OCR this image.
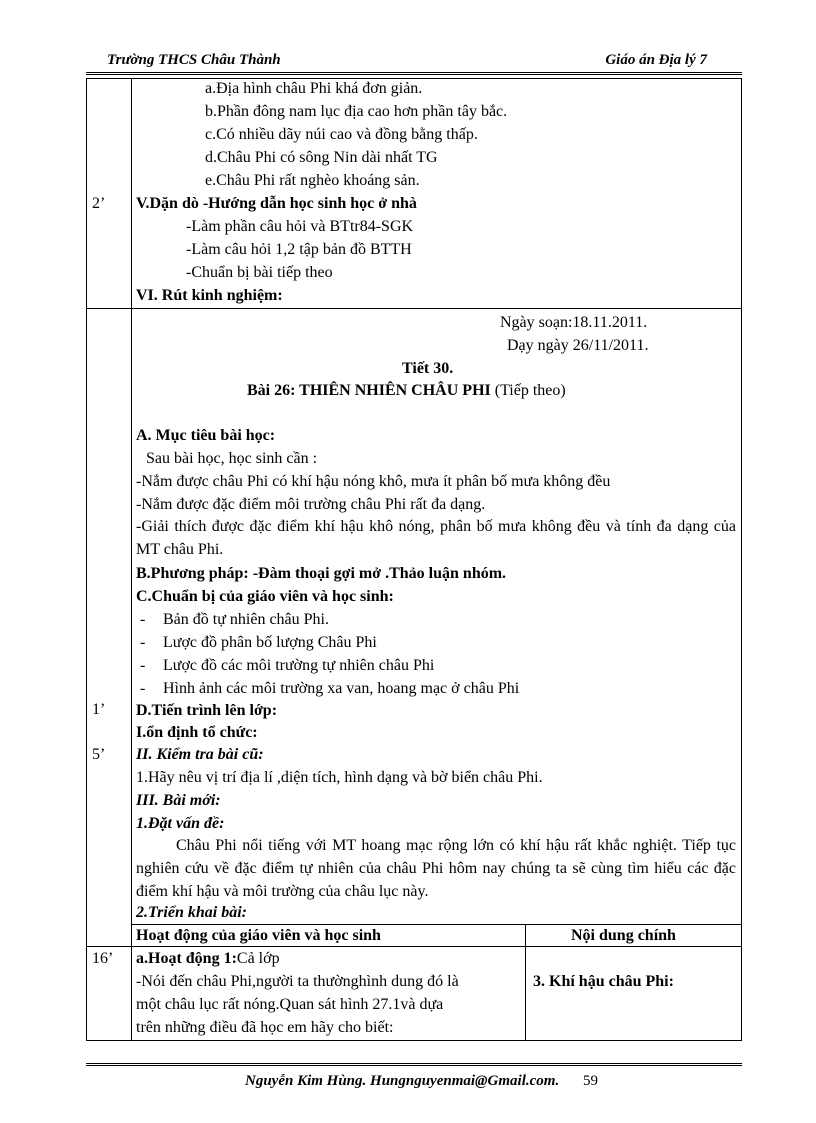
Trường THCS Châu Thành	Giáo án Địa lý 7
a.Địa hình châu Phi khá đơn giản.
b.Phần đông nam lục địa cao hơn phần tây bắc.
c.Có nhiều dãy núi cao và đồng bằng thấp.
d.Châu Phi có sông Nin dài nhất TG
e.Châu Phi rất nghèo khoáng sản.
2’ V.Dặn dò -Hướng dẫn học sinh học ở nhà
-Làm phần câu hỏi và BTtr84-SGK
-Làm câu hỏi 1,2 tập bản đồ BTTH
-Chuẩn bị bài tiếp theo
VI. Rút kinh nghiệm:
Ngày soạn:18.11.2011.
Dạy ngày 26/11/2011.
Tiết 30.
Bài 26: THIÊN NHIÊN CHÂU PHI (Tiếp theo)
A. Mục tiêu bài học:
Sau bài học, học sinh cần :
-Nắm được châu Phi có khí hậu nóng khô, mưa ít phân bố mưa không đều
-Nắm được đặc điểm môi trường châu Phi rất đa dạng.
-Giải thích được đặc điểm khí hậu khô nóng, phân bố mưa không đều và tính đa dạng của MT châu Phi.
B.Phương pháp: -Đàm thoại gợi mở .Thảo luận nhóm.
C.Chuẩn bị của giáo viên và học sinh:
- Bản đồ tự nhiên châu Phi.
- Lược đồ phân bố lượng Châu Phi
- Lược đồ các môi trường tự nhiên châu Phi
- Hình ảnh các môi trường xa van, hoang mạc ở châu Phi
1’ D.Tiến trình lên lớp:
I.ổn định tổ chức:
5’ II. Kiểm tra bài cũ:
1.Hãy nêu vị trí địa lí ,diện tích, hình dạng và bờ biển châu Phi.
III. Bài mới:
1.Đặt vấn đề:
Châu Phi nổi tiếng với MT hoang mạc rộng lớn có khí hậu rất khắc nghiệt. Tiếp tục nghiên cứu về đặc điểm tự nhiên của châu Phi hôm nay chúng ta sẽ cùng tìm hiểu các đặc điểm khí hậu và môi trường của châu lục này.
2.Triển khai bài:
Hoạt động của giáo viên và học sinh	Nội dung chính
16’ a.Hoạt động 1:Cả lớp
-Nói đến châu Phi,người ta thườnghình dung đó là
một châu lục rất nóng.Quan sát hình 27.1và dựa
trên những điều đã học em hãy cho biết:
3. Khí hậu châu Phi:
Nguyễn Kim Hùng. Hungnguyenmai@Gmail.com. 59
